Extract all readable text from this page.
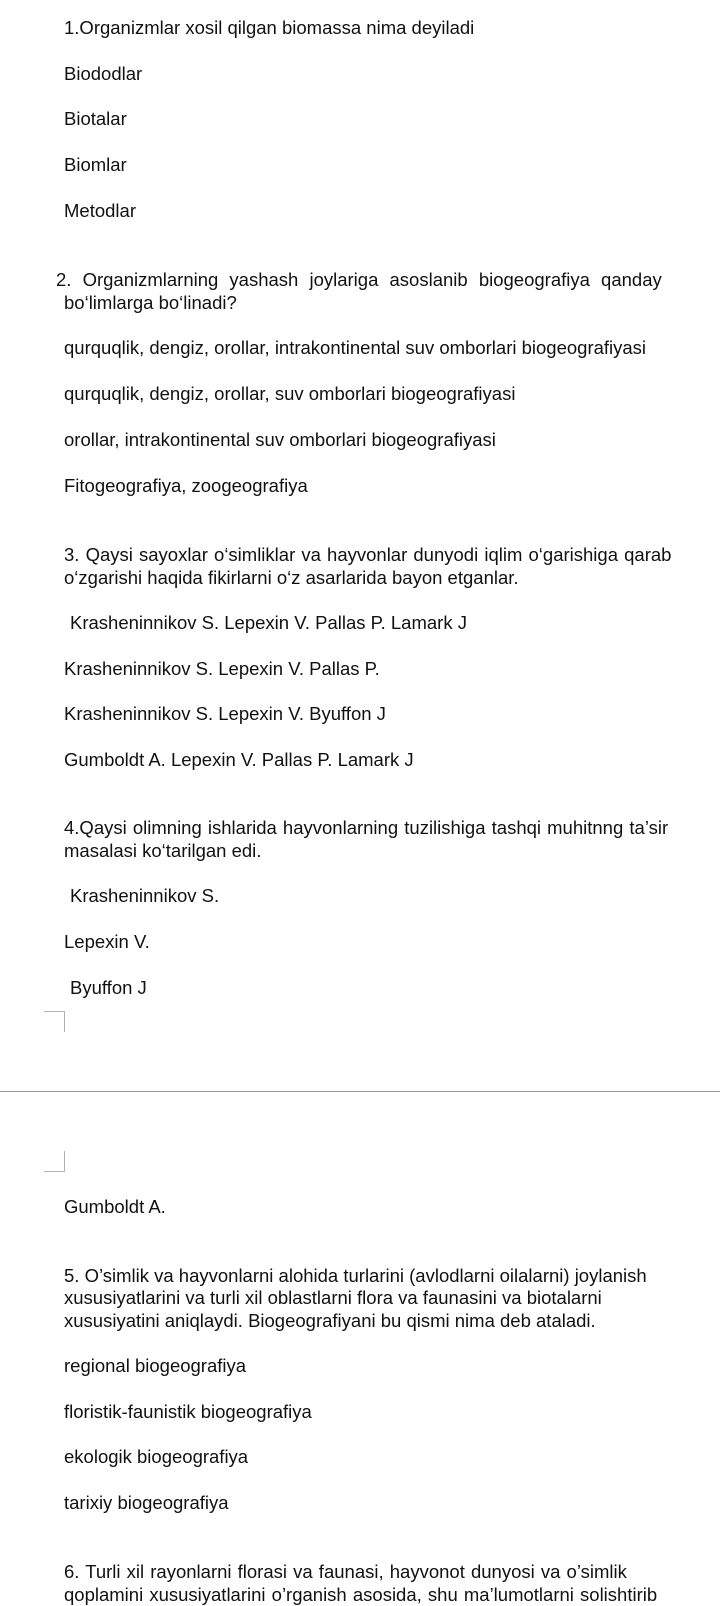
1.Organizmlar xosil qilgan biomassa nima deyiladi
Biododlar
Biotalar
Biomlar
Metodlar
2. Organizmlarning yashash joylariga asoslanib biogeografiya qanday
bo‘limlarga bo‘linadi?
qurquqlik, dengiz, orollar, intrakontinental suv omborlari biogeografiyasi
qurquqlik, dengiz, orollar, suv omborlari biogeografiyasi
orollar, intrakontinental suv omborlari biogeografiyasi
Fitogeografiya, zoogeografiya
3. Qaysi sayoxlar o‘simliklar va hayvonlar dunyodi iqlim o‘garishiga qarab
o‘zgarishi haqida fikirlarni o‘z asarlarida bayon etganlar.
Krasheninnikov S. Lepexin V. Pallas P. Lamark J
Krasheninnikov S. Lepexin V. Pallas P.
Krasheninnikov S. Lepexin V. Byuffon J
Gumboldt A. Lepexin V. Pallas P. Lamark J
4.Qaysi olimning ishlarida hayvonlarning tuzilishiga tashqi muhitnng ta’sir
masalasi ko‘tarilgan edi.
Krasheninnikov S.
Lepexin V.
Byuffon J
Gumboldt A.
5. O’simlik va hayvonlarni alohida turlarini (avlodlarni oilalarni) joylanish
xususiyatlarini va turli xil oblastlarni flora va faunasini va biotalarni
xususiyatini aniqlaydi. Biogeografiyani bu qismi nima deb ataladi.
regional biogeografiya
floristik-faunistik biogeografiya
ekologik biogeografiya
tarixiy biogeografiya
6. Turli xil rayonlarni florasi va faunasi, hayvonot dunyosi va o’simlik
qoplamini xususiyatlarini o’rganish asosida, shu ma’lumotlarni solishtirib
